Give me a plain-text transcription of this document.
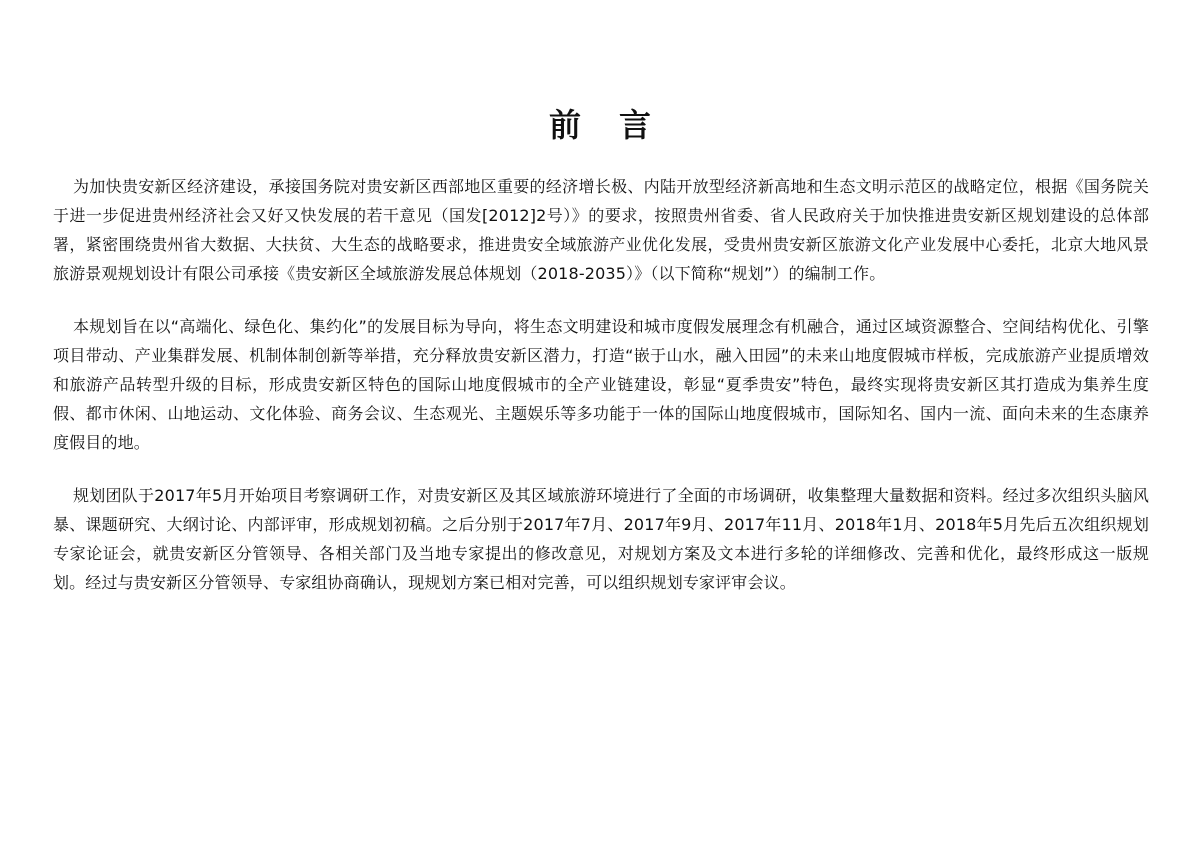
前言

为加快贵安新区经济建设，承接国务院对贵安新区西部地区重要的经济增长极、内陆开放型经济新高地和生态文明示范区的战略定位，根据《国务院关于进一步促进贵州经济社会又好又快发展的若干意见（国发[2012]2号）》的要求，按照贵州省委、省人民政府关于加快推进贵安新区规划建设的总体部署，紧密围绕贵州省大数据、大扶贫、大生态的战略要求，推进贵安全域旅游产业优化发展，受贵州贵安新区旅游文化产业发展中心委托，北京大地风景旅游景观规划设计有限公司承接《贵安新区全域旅游发展总体规划（2018-2035）》（以下简称“规划”）的编制工作。

本规划旨在以“高端化、绿色化、集约化”的发展目标为导向，将生态文明建设和城市度假发展理念有机融合，通过区域资源整合、空间结构优化、引擎项目带动、产业集群发展、机制体制创新等举措，充分释放贵安新区潜力，打造“嵌于山水，融入田园”的未来山地度假城市样板，完成旅游产业提质增效和旅游产品转型升级的目标，形成贵安新区特色的国际山地度假城市的全产业链建设，彰显“夏季贵安”特色，最终实现将贵安新区其打造成为集养生度假、都市休闲、山地运动、文化体验、商务会议、生态观光、主题娱乐等多功能于一体的国际山地度假城市，国际知名、国内一流、面向未来的生态康养度假目的地。

规划团队于2017年5月开始项目考察调研工作，对贵安新区及其区域旅游环境进行了全面的市场调研，收集整理大量数据和资料。经过多次组织头脑风暴、课题研究、大纲讨论、内部评审，形成规划初稿。之后分别于2017年7月、2017年9月、2017年11月、2018年1月、2018年5月先后五次组织规划专家论证会，就贵安新区分管领导、各相关部门及当地专家提出的修改意见，对规划方案及文本进行多轮的详细修改、完善和优化，最终形成这一版规划。经过与贵安新区分管领导、专家组协商确认，现规划方案已相对完善，可以组织规划专家评审会议。
